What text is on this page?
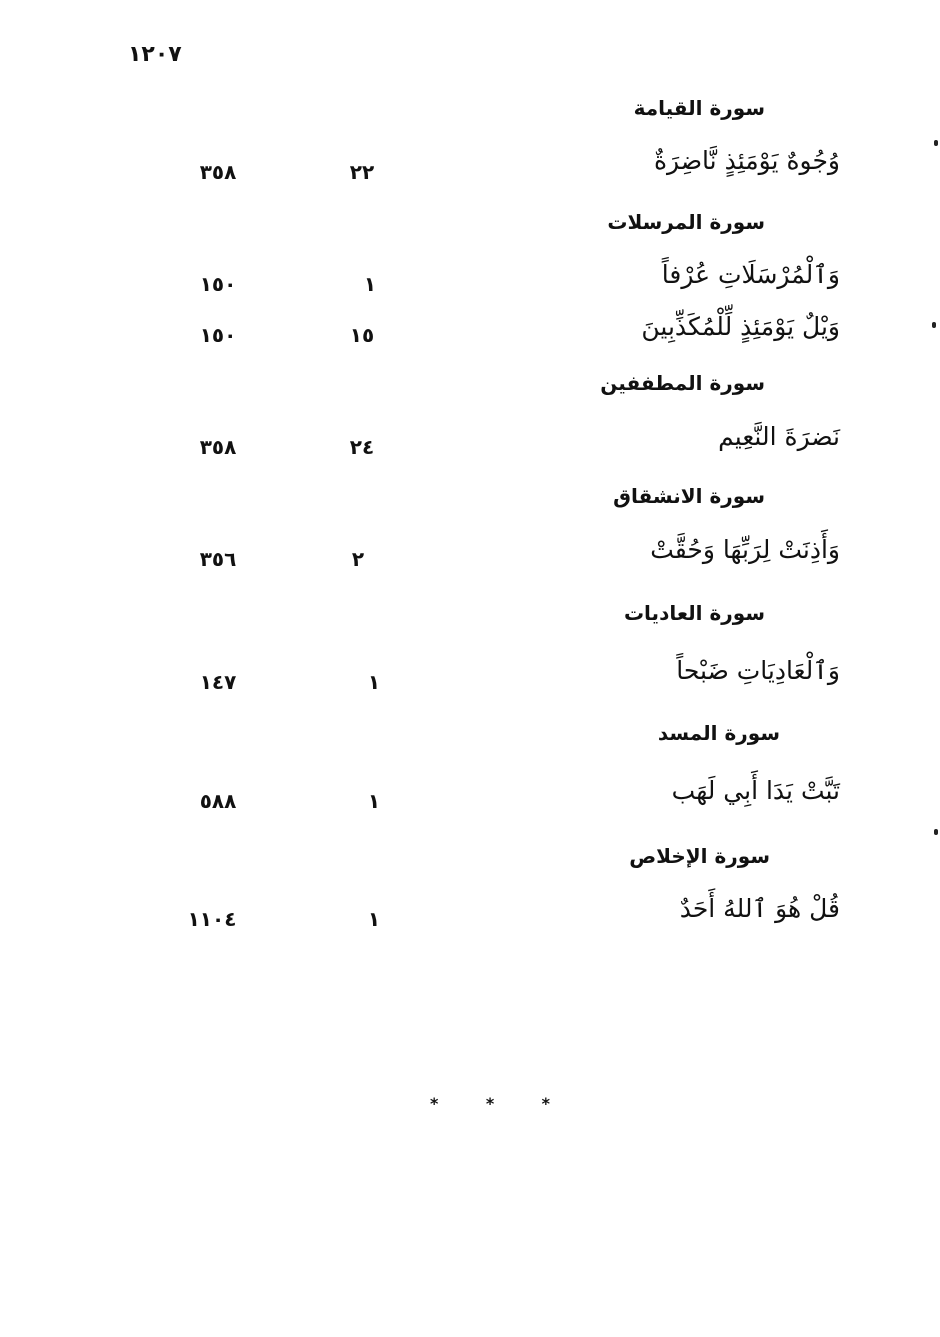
١٢٠٧
سورة القيامة
وُجُوهٌ يَوْمَئِذٍ نَّاضِرَةٌ
٢٢
٣٥٨
سورة المرسلات
وَٱلْمُرْسَلَاتِ عُرْفاً
١
١٥٠
وَيْلٌ يَوْمَئِذٍ لِّلْمُكَذِّبِينَ
١٥
١٥٠
سورة المطففين
نَضرَةَ النَّعِيم
٢٤
٣٥٨
سورة الانشقاق
وَأَذِنَتْ لِرَبِّهَا وَحُقَّتْ
٢
٣٥٦
سورة العاديات
وَٱلْعَادِيَاتِ ضَبْحاً
١
١٤٧
سورة المسد
تَبَّتْ يَدَا أَبِي لَهَب
١
٥٨٨
سورة الإخلاص
قُلْ هُوَ ٱللهُ أَحَدٌ
١
١١٠٤
*	*	*
